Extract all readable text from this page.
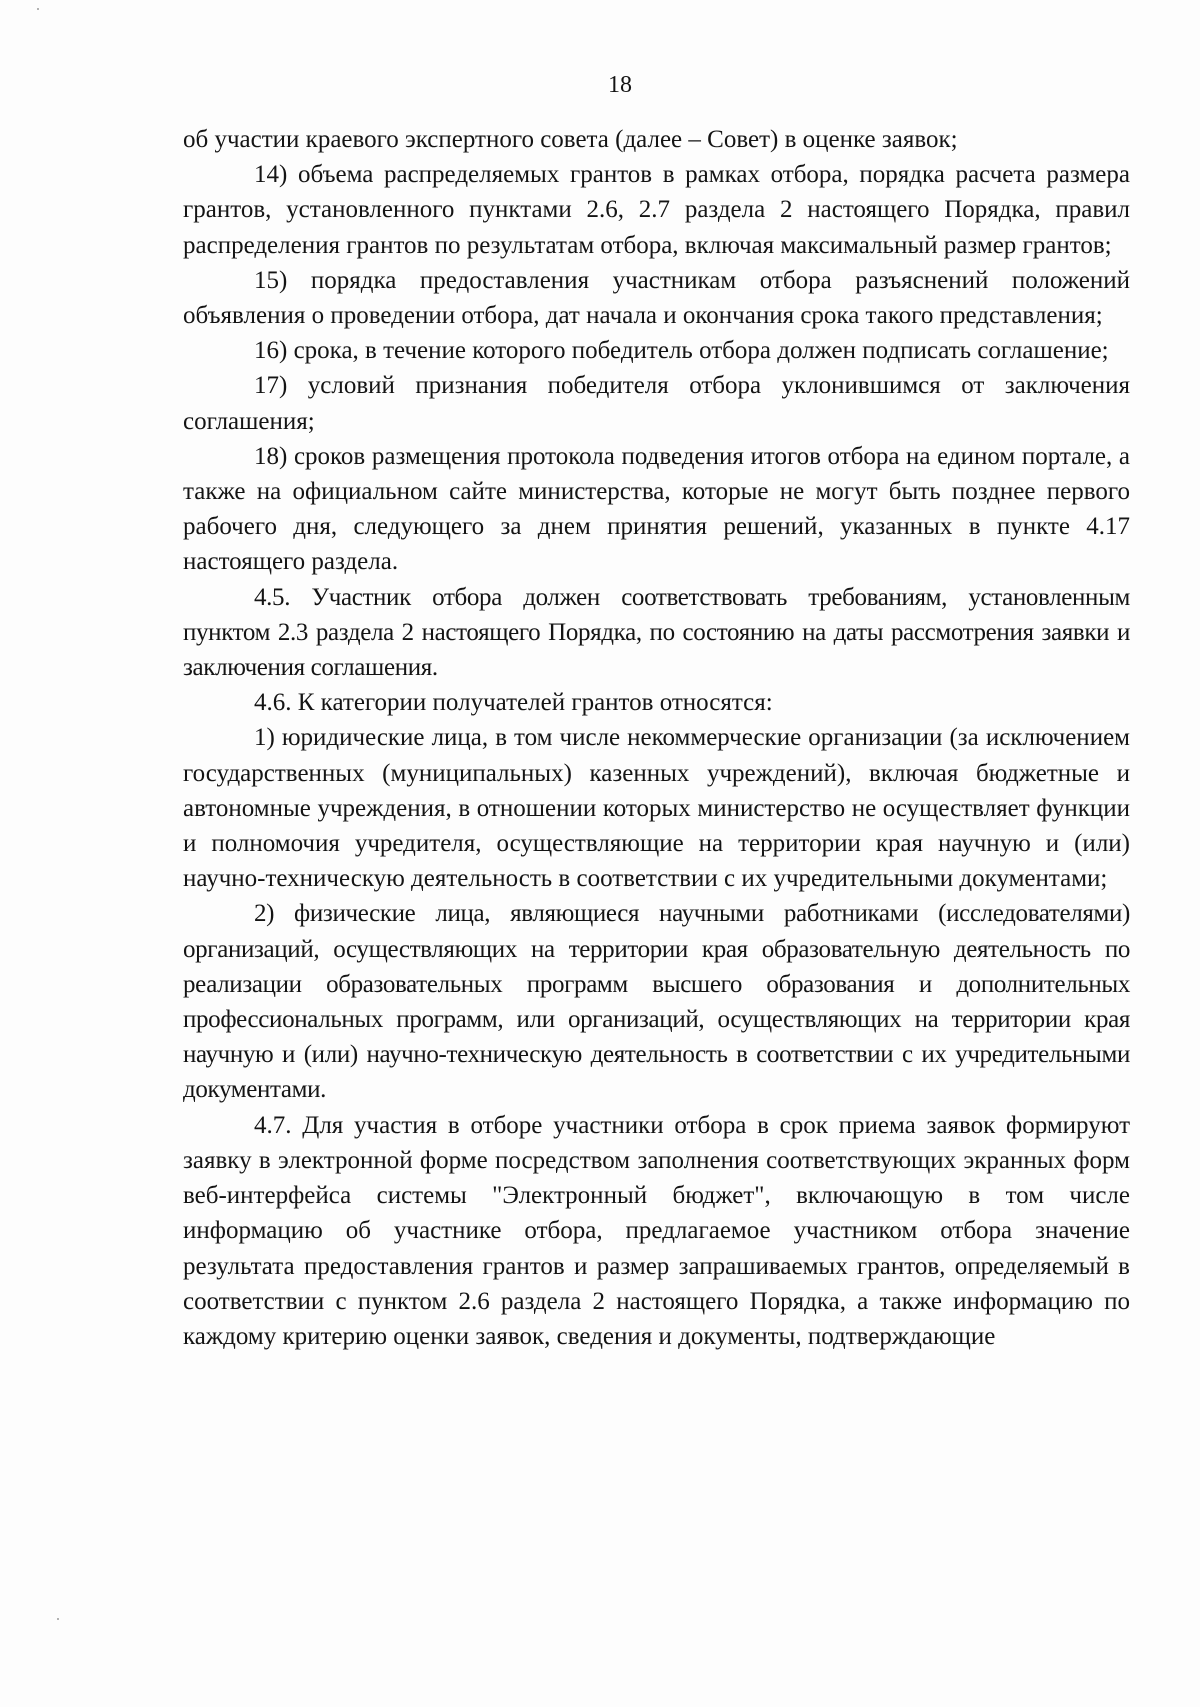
18

об участии краевого экспертного совета (далее – Совет) в оценке заявок;

14) объема распределяемых грантов в рамках отбора, порядка расчета размера грантов, установленного пунктами 2.6, 2.7 раздела 2 настоящего Порядка, правил распределения грантов по результатам отбора, включая максимальный размер грантов;

15) порядка предоставления участникам отбора разъяснений положений объявления о проведении отбора, дат начала и окончания срока такого представления;

16) срока, в течение которого победитель отбора должен подписать соглашение;

17) условий признания победителя отбора уклонившимся от заключения соглашения;

18) сроков размещения протокола подведения итогов отбора на едином портале, а также на официальном сайте министерства, которые не могут быть позднее первого рабочего дня, следующего за днем принятия решений, указанных в пункте 4.17 настоящего раздела.

4.5. Участник отбора должен соответствовать требованиям, установленным пунктом 2.3 раздела 2 настоящего Порядка, по состоянию на даты рассмотрения заявки и заключения соглашения.

4.6. К категории получателей грантов относятся:

1) юридические лица, в том числе некоммерческие организации (за исключением государственных (муниципальных) казенных учреждений), включая бюджетные и автономные учреждения, в отношении которых министерство не осуществляет функции и полномочия учредителя, осуществляющие на территории края научную и (или) научно-техническую деятельность в соответствии с их учредительными документами;

2) физические лица, являющиеся научными работниками (исследователями) организаций, осуществляющих на территории края образовательную деятельность по реализации образовательных программ высшего образования и дополнительных профессиональных программ, или организаций, осуществляющих на территории края научную и (или) научно-техническую деятельность в соответствии с их учредительными документами.

4.7. Для участия в отборе участники отбора в срок приема заявок формируют заявку в электронной форме посредством заполнения соответствующих экранных форм веб-интерфейса системы "Электронный бюджет", включающую в том числе информацию об участнике отбора, предлагаемое участником отбора значение результата предоставления грантов и размер запрашиваемых грантов, определяемый в соответствии с пунктом 2.6 раздела 2 настоящего Порядка, а также информацию по каждому критерию оценки заявок, сведения и документы, подтверждающие
